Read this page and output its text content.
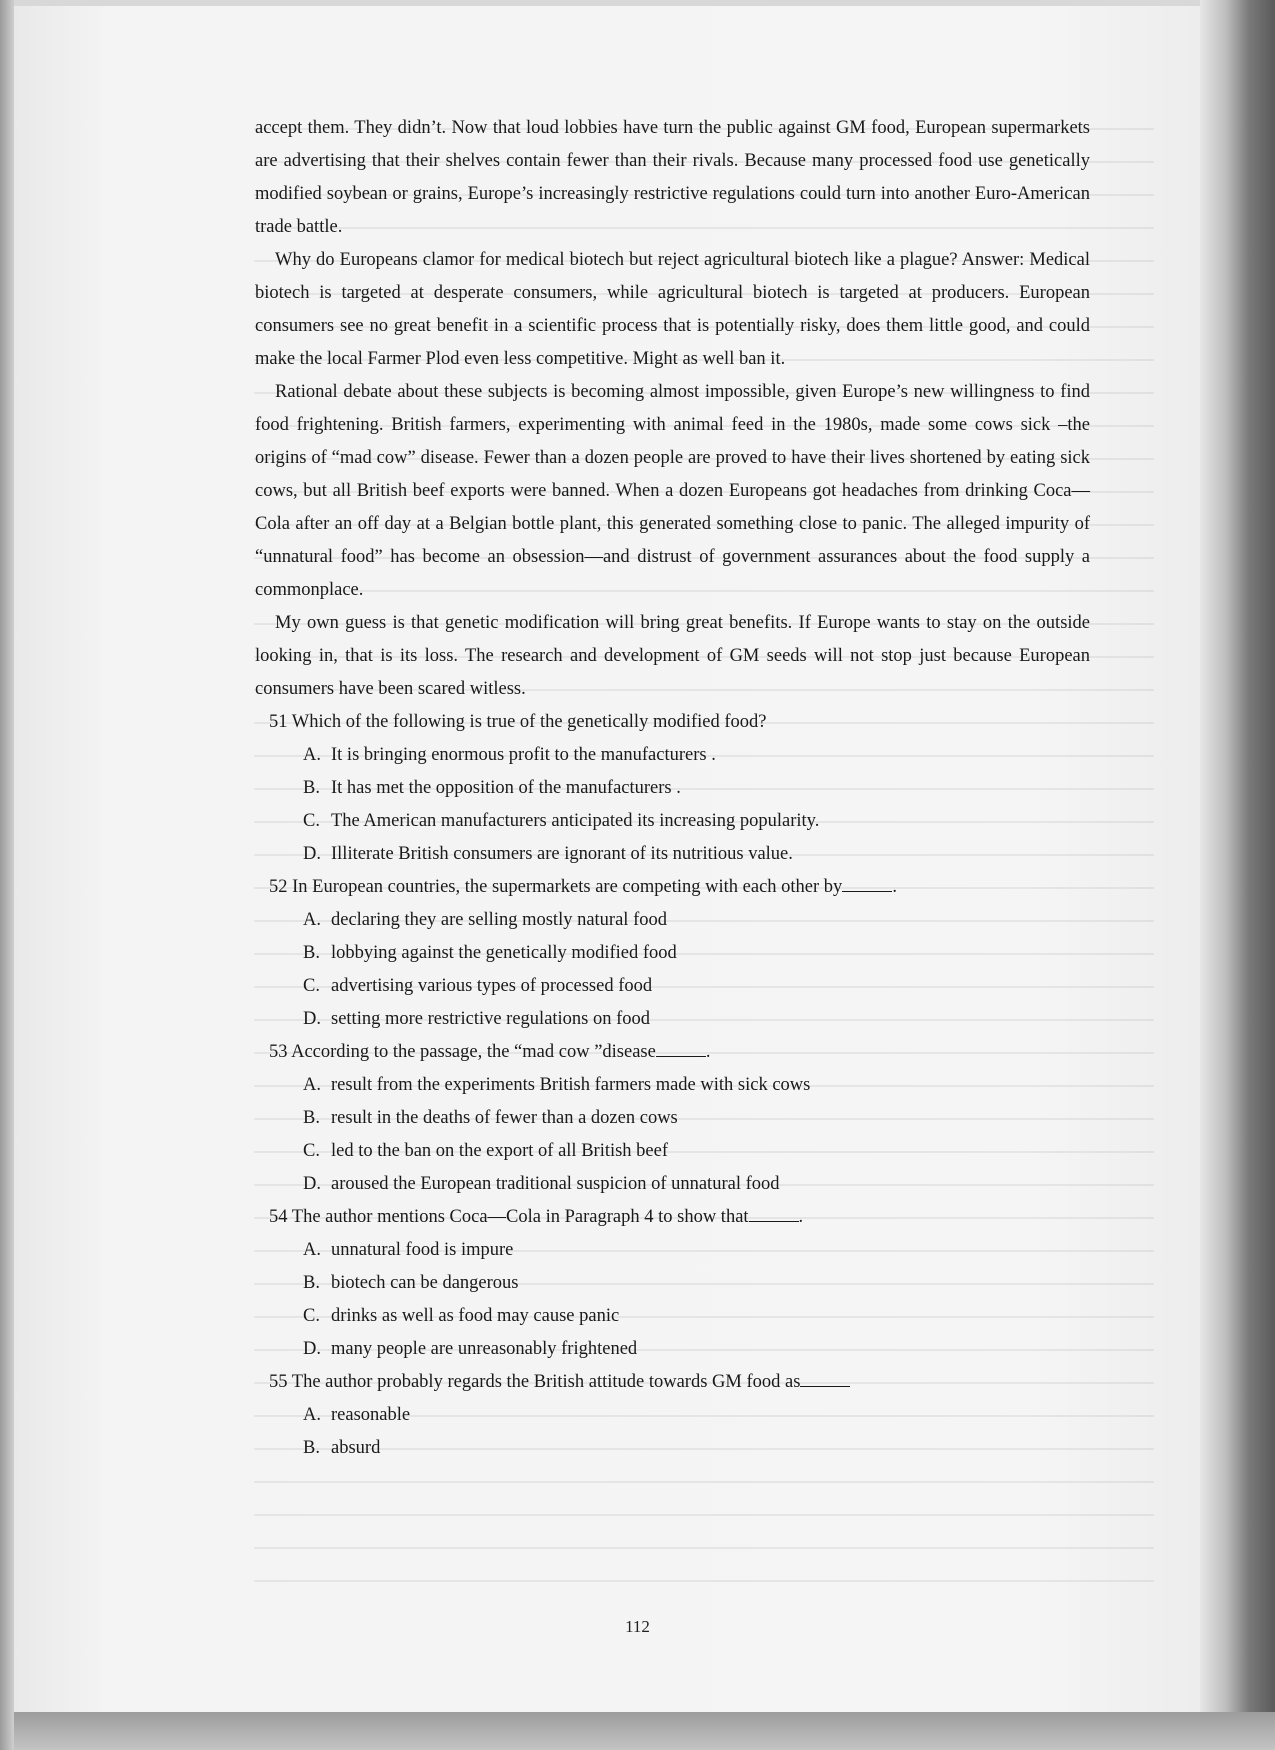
accept them. They didn’t. Now that loud lobbies have turn the public against GM food, European supermarkets are advertising that their shelves contain fewer than their rivals. Because many processed food use genetically modified soybean or grains, Europe’s increasingly restrictive regulations could turn into another Euro-American trade battle.

Why do Europeans clamor for medical biotech but reject agricultural biotech like a plague? Answer: Medical biotech is targeted at desperate consumers, while agricultural biotech is targeted at producers. European consumers see no great benefit in a scientific process that is potentially risky, does them little good, and could make the local Farmer Plod even less competitive. Might as well ban it.

Rational debate about these subjects is becoming almost impossible, given Europe’s new willingness to find food frightening. British farmers, experimenting with animal feed in the 1980s, made some cows sick –the origins of “mad cow” disease. Fewer than a dozen people are proved to have their lives shortened by eating sick cows, but all British beef exports were banned. When a dozen Europeans got headaches from drinking Coca—Cola after an off day at a Belgian bottle plant, this generated something close to panic. The alleged impurity of “unnatural food” has become an obsession—and distrust of government assurances about the food supply a commonplace.

My own guess is that genetic modification will bring great benefits. If Europe wants to stay on the outside looking in, that is its loss. The research and development of GM seeds will not stop just because European consumers have been scared witless.

51 Which of the following is true of the genetically modified food?

A. It is bringing enormous profit to the manufacturers .

B. It has met the opposition of the manufacturers .

C. The American manufacturers anticipated its increasing popularity.

D. Illiterate British consumers are ignorant of its nutritious value.

52 In European countries, the supermarkets are competing with each other by	.

A. declaring they are selling mostly natural food

B. lobbying against the genetically modified food

C. advertising various types of processed food

D. setting more restrictive regulations on food

53 According to the passage, the “mad cow ”disease	.

A. result from the experiments British farmers made with sick cows

B. result in the deaths of fewer than a dozen cows

C. led to the ban on the export of all British beef

D. aroused the European traditional suspicion of unnatural food

54 The author mentions Coca—Cola in Paragraph 4 to show that	.

A. unnatural food is impure

B. biotech can be dangerous

C. drinks as well as food may cause panic

D. many people are unreasonably frightened

55 The author probably regards the British attitude towards GM food as

A. reasonable

B. absurd

112
